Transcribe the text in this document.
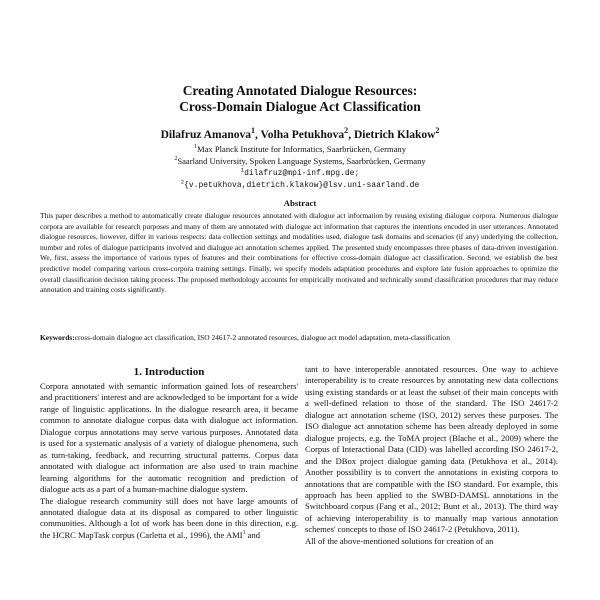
Creating Annotated Dialogue Resources:
Cross-Domain Dialogue Act Classification
Dilafruz Amanova$^1$, Volha Petukhova$^2$, Dietrich Klakow$^2$
$^1$Max Planck Institute for Informatics, Saarbrücken, Germany
$^2$Saarland University, Spoken Language Systems, Saarbrücken, Germany
$^1$dilafruz@mpi-inf.mpg.de;
$^2${v.petukhova,dietrich.klakow}@lsv.uni-saarland.de
Abstract
This paper describes a method to automatically create dialogue resources annotated with dialogue act information by reusing existing dialogue corpora. Numerous dialogue corpora are available for research purposes and many of them are annotated with dialogue act information that captures the intentions encoded in user utterances. Annotated dialogue resources, however, differ in various respects: data collection settings and modalities used, dialogue task domains and scenarios (if any) underlying the collection, number and roles of dialogue participants involved and dialogue act annotation schemes applied. The presented study encompasses three phases of data-driven investigation. We, first, assess the importance of various types of features and their combinations for effective cross-domain dialogue act classification. Second, we establish the best predictive model comparing various cross-corpora training settings. Finally, we specify models adaptation procedures and explore late fusion approaches to optimize the overall classification decision taking process. The proposed methodology accounts for empirically motivated and technically sound classification procedures that may reduce annotation and training costs significantly.
Keywords:cross-domain dialogue act classification, ISO 24617-2 annotated resources, dialogue act model adaptation, meta-classification
1. Introduction

Corpora annotated with semantic information gained lots of researchers' and practitioners' interest and are acknowledged to be important for a wide range of linguistic applications. In the dialogue research area, it became common to annotate dialogue corpus data with dialogue act information. Dialogue corpus annotations may serve various purposes. Annotated data is used for a systematic analysis of a variety of dialogue phenomena, such as turn-taking, feedback, and recurring structural patterns. Corpus data annotated with dialogue act information are also used to train machine learning algorithms for the automatic recognition and prediction of dialogue acts as a part of a human-machine dialogue system.

The dialogue research community still does not have large amounts of annotated dialogue data at its disposal as compared to other linguistic communities. Although a lot of work has been done in this direction, e.g. the HCRC MapTask corpus (Carletta et al., 1996), the AMI$^1$ and

tant to have interoperable annotated resources. One way to achieve interoperability is to create resources by annotating new data collections using existing standards or at least the subset of their main concepts with a well-defined relation to those of the standard. The ISO 24617-2 dialogue act annotation scheme (ISO, 2012) serves these purposes. The ISO dialogue act annotation scheme has been already deployed in some dialogue projects, e.g. the ToMA project (Blache et al., 2009) where the Corpus of Interactional Data (CID) was labelled according ISO 24617-2, and the DBox project dialogue gaming data (Petukhova et al., 2014). Another possibility is to convert the annotations in existing corpora to annotations that are compatible with the ISO standard. For example, this approach has been applied to the SWBD-DAMSL annotations in the Switchboard corpus (Fang et al., 2012; Bunt et al., 2013). The third way of achieving interoperability is to manually map various annotation schemes' concepts to those of ISO 24617-2 (Petukhova, 2011).

All of the above-mentioned solutions for creation of an
